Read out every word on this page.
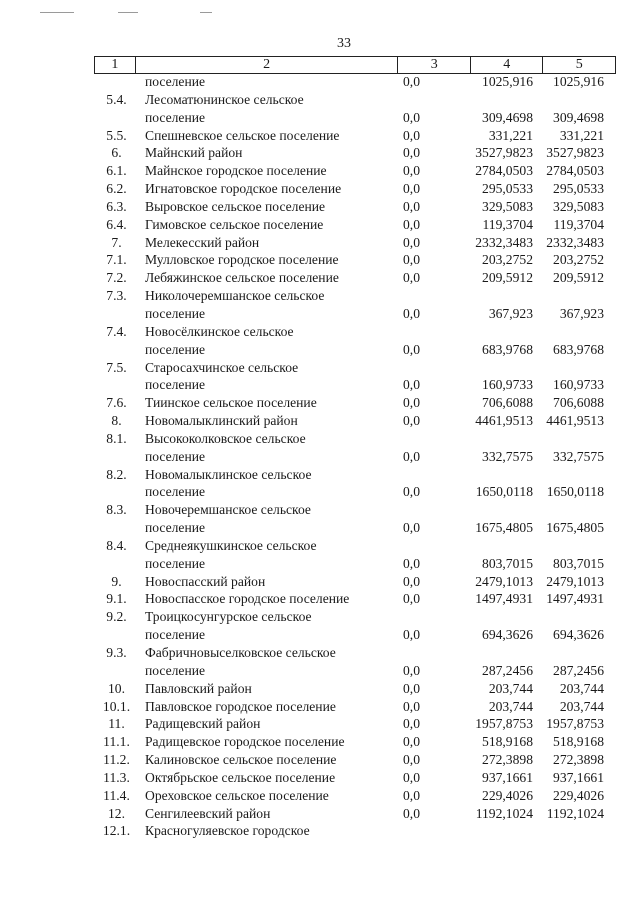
33
1	2	3	4	5
поселение	0,0	1025,916 1025,916
5.4.	Лесоматюнинское сельское
поселение	0,0	309,4698 309,4698
5.5.	Спешневское сельское поселение	0,0	331,221 331,221
6.	Майнский район	0,0	3527,9823 3527,9823
6.1.	Майнское городское поселение	0,0	2784,0503 2784,0503
6.2.	Игнатовское городское поселение	0,0	295,0533 295,0533
6.3.	Выровское сельское поселение	0,0	329,5083 329,5083
6.4.	Гимовское сельское поселение	0,0	119,3704 119,3704
7.	Мелекесский район	0,0	2332,3483 2332,3483
7.1.	Мулловское городское поселение	0,0	203,2752 203,2752
7.2.	Лебяжинское сельское поселение	0,0	209,5912 209,5912
7.3.	Николочеремшанское сельское
поселение	0,0	367,923 367,923
7.4.	Новосёлкинское сельское
поселение	0,0	683,9768 683,9768
7.5.	Старосахчинское сельское
поселение	0,0	160,9733 160,9733
7.6.	Тиинское сельское поселение	0,0	706,6088 706,6088
8.	Новомалыклинский район	0,0	4461,9513 4461,9513
8.1.	Высококолковское сельское
поселение	0,0	332,7575 332,7575
8.2.	Новомалыклинское сельское
поселение	0,0	1650,0118 1650,0118
8.3.	Новочеремшанское сельское
поселение	0,0	1675,4805 1675,4805
8.4.	Среднеякушкинское сельское
поселение	0,0	803,7015 803,7015
9.	Новоспасский район	0,0	2479,1013 2479,1013
9.1.	Новоспасское городское поселение	0,0	1497,4931 1497,4931
9.2.	Троицкосунгурское сельское
поселение	0,0	694,3626 694,3626
9.3.	Фабричновыселковское сельское
поселение	0,0	287,2456 287,2456
10.	Павловский район	0,0	203,744 203,744
10.1.	Павловское городское поселение	0,0	203,744 203,744
11.	Радищевский район	0,0	1957,8753 1957,8753
11.1.	Радищевское городское поселение	0,0	518,9168 518,9168
11.2.	Калиновское сельское поселение	0,0	272,3898 272,3898
11.3.	Октябрьское сельское поселение	0,0	937,1661 937,1661
11.4.	Ореховское сельское поселение	0,0	229,4026 229,4026
12.	Сенгилеевский район	0,0	1192,1024 1192,1024
12.1.	Красногуляевское городское
